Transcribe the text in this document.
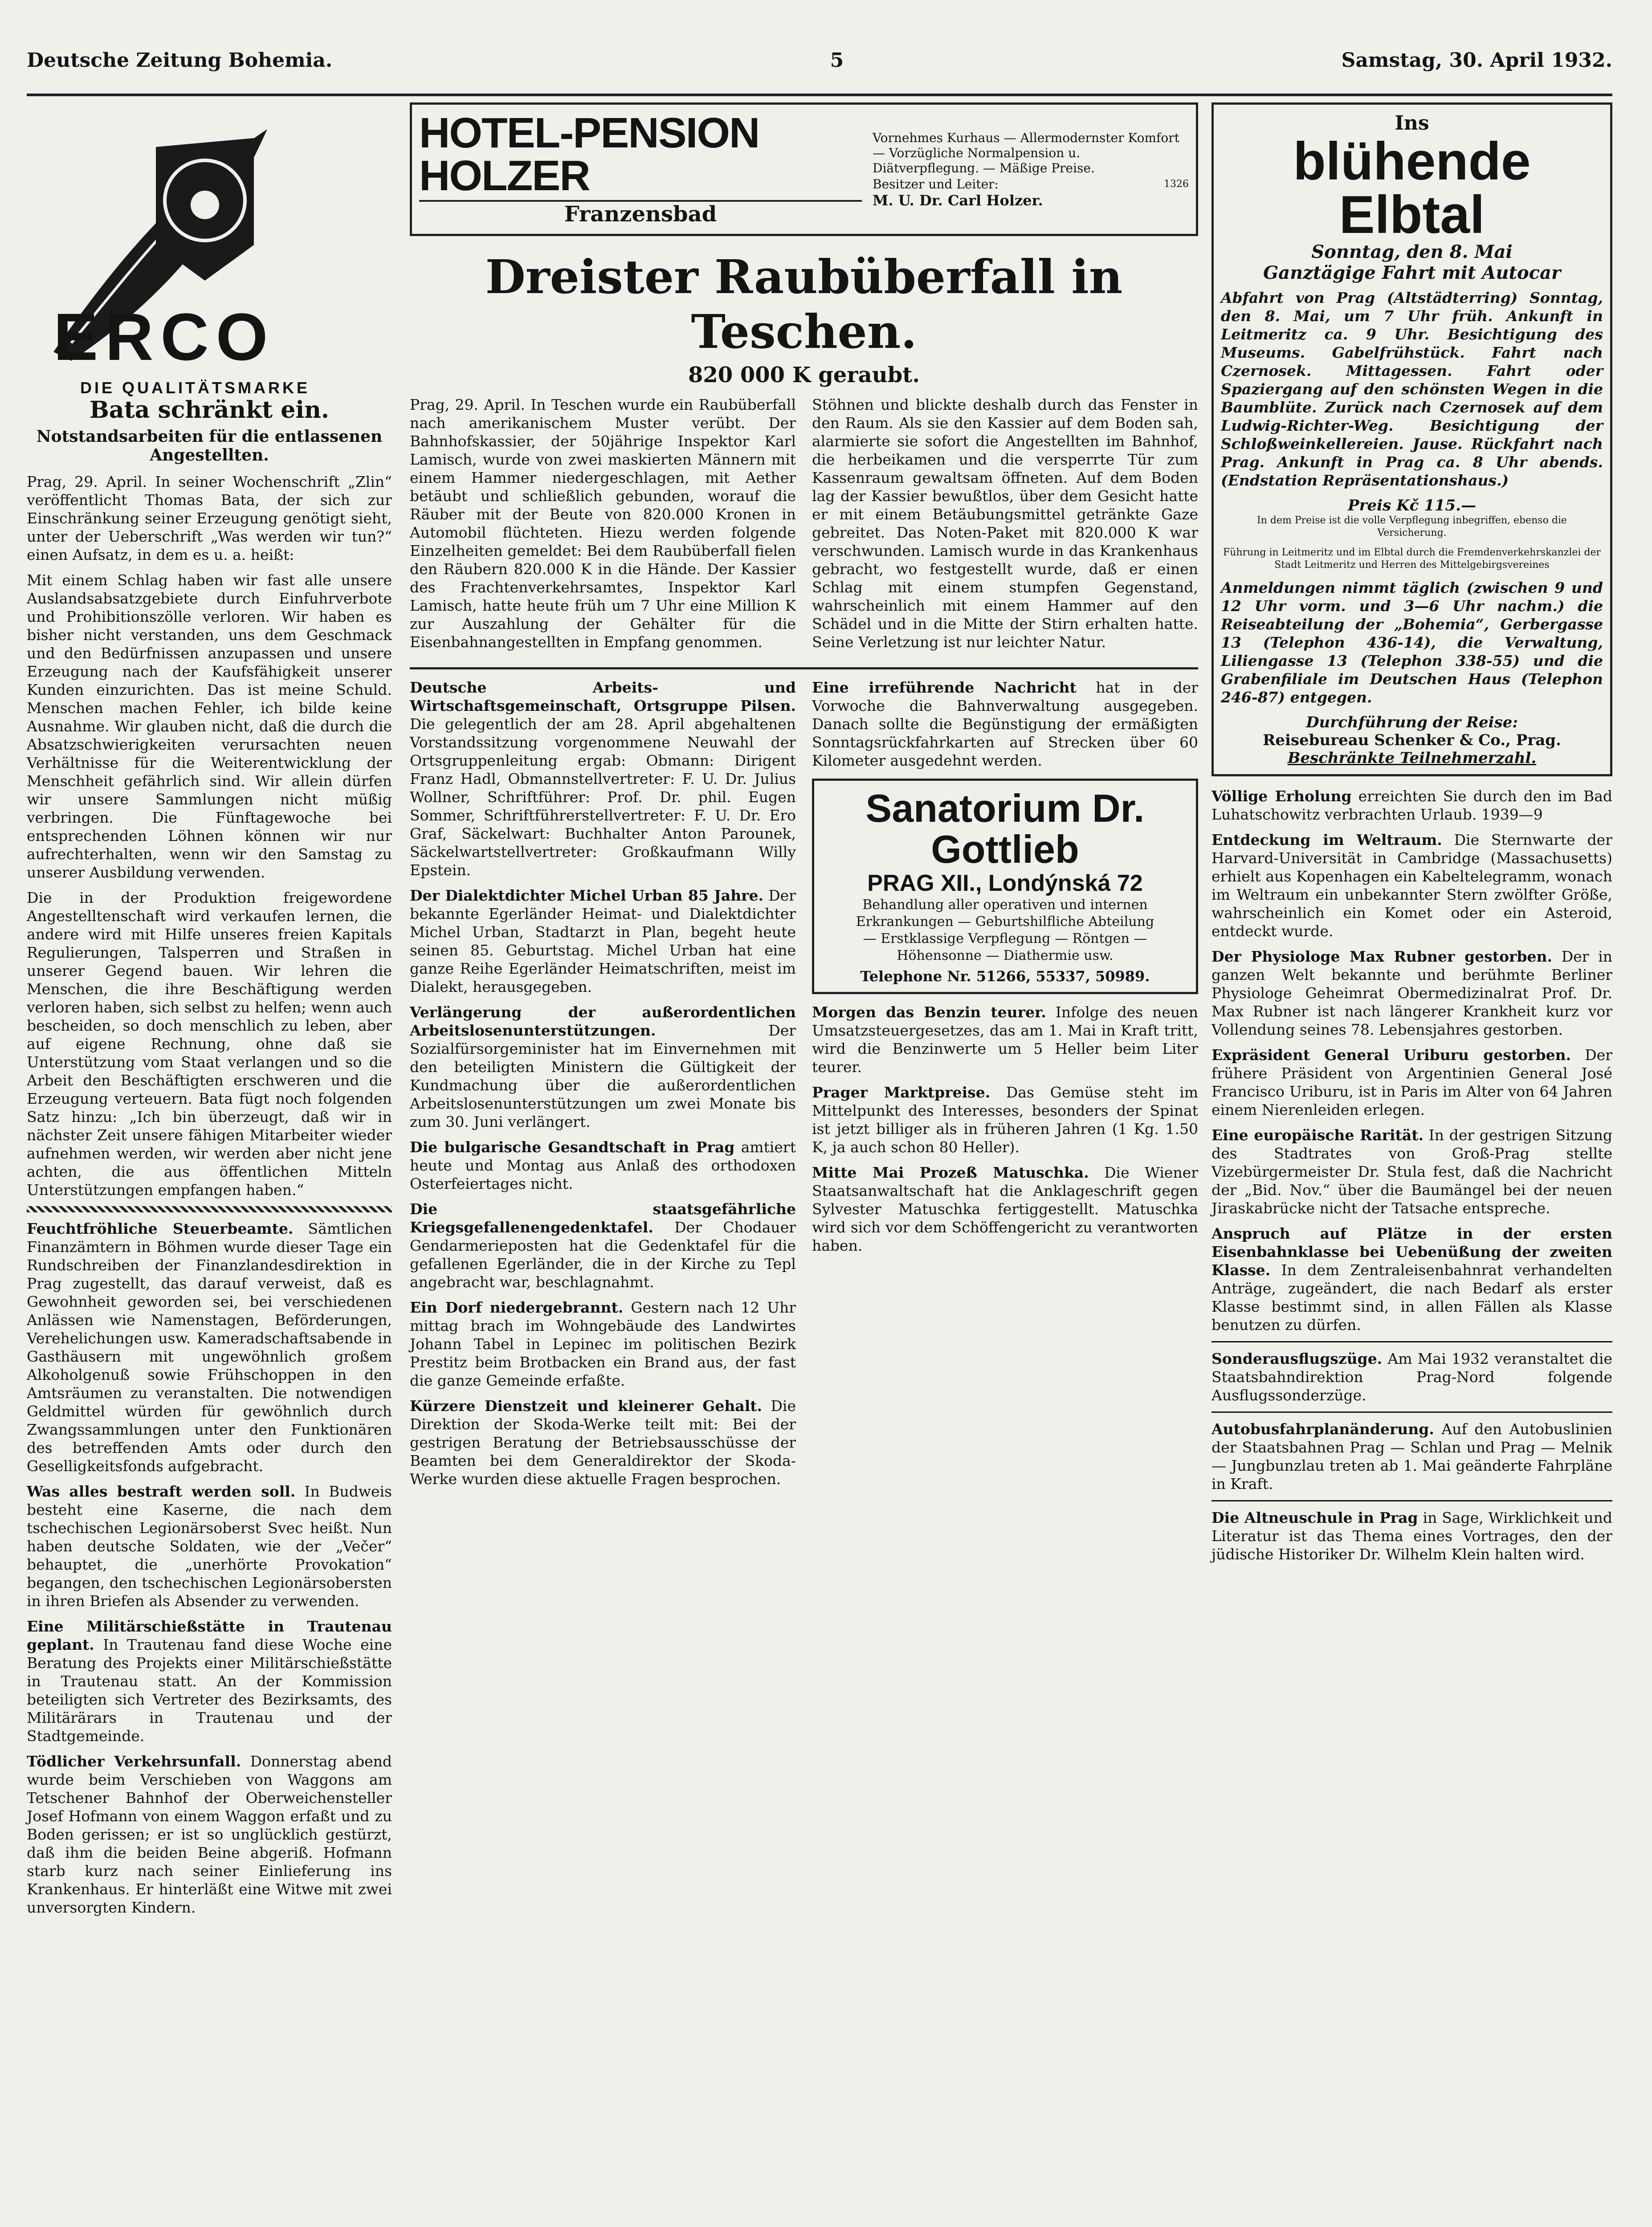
Deutsche Zeitung Bohemia.	5	Samstag, 30. April 1932.
ERCO
DIE QUALITÄTSMARKE
Bata schränkt ein.
Notstandsarbeiten für die entlassenen Angestellten.

Prag, 29. April. In seiner Wochenschrift „Zlin“ veröffentlicht Thomas Bata, der sich zur Einschränkung seiner Erzeugung genötigt sieht, unter der Ueberschrift „Was werden wir tun?“ einen Aufsatz, in dem es u. a. heißt:

Mit einem Schlag haben wir fast alle unsere Auslandsabsatzgebiete durch Einfuhrverbote und Prohibitionszölle verloren. Wir haben es bisher nicht verstanden, uns dem Geschmack und den Bedürfnissen anzupassen und unsere Erzeugung nach der Kaufsfähigkeit unserer Kunden einzurichten. Das ist meine Schuld. Menschen machen Fehler, ich bilde keine Ausnahme. Wir glauben nicht, daß die durch die Absatzschwierigkeiten verursachten neuen Verhältnisse für die Weiterentwicklung der Menschheit gefährlich sind. Wir allein dürfen wir unsere Sammlungen nicht müßig verbringen. Die Fünftagewoche bei entsprechenden Löhnen können wir nur aufrechterhalten, wenn wir den Samstag zu unserer Ausbildung verwenden.

Die in der Produktion freigewordene Angestelltenschaft wird verkaufen lernen, die andere wird mit Hilfe unseres freien Kapitals Regulierungen, Talsperren und Straßen in unserer Gegend bauen. Wir lehren die Menschen, die ihre Beschäftigung werden verloren haben, sich selbst zu helfen; wenn auch bescheiden, so doch menschlich zu leben, aber auf eigene Rechnung, ohne daß sie Unterstützung vom Staat verlangen und so die Arbeit den Beschäftigten erschweren und die Erzeugung verteuern. Bata fügt noch folgenden Satz hinzu: „Ich bin überzeugt, daß wir in nächster Zeit unsere fähigen Mitarbeiter wieder aufnehmen werden, wir werden aber nicht jene achten, die aus öffentlichen Mitteln Unterstützungen empfangen haben.“

Feuchtfröhliche Steuerbeamte. Sämtlichen Finanzämtern in Böhmen wurde dieser Tage ein Rundschreiben der Finanzlandesdirektion in Prag zugestellt, das darauf verweist, daß es Gewohnheit geworden sei, bei verschiedenen Anlässen wie Namenstagen, Beförderungen, Verehelichungen usw. Kameradschaftsabende in Gasthäusern mit ungewöhnlich großem Alkoholgenuß sowie Frühschoppen in den Amtsräumen zu veranstalten. Die notwendigen Geldmittel würden für gewöhnlich durch Zwangssammlungen unter den Funktionären des betreffenden Amts oder durch den Geselligkeitsfonds aufgebracht.

Was alles bestraft werden soll. In Budweis besteht eine Kaserne, die nach dem tschechischen Legionärsoberst Svec heißt. Nun haben deutsche Soldaten, wie der „Večer“ behauptet, die „unerhörte Provokation“ begangen, den tschechischen Legionärsobersten in ihren Briefen als Absender zu verwenden.

Eine Militärschießstätte in Trautenau geplant. In Trautenau fand diese Woche eine Beratung des Projekts einer Militärschießstätte in Trautenau statt. An der Kommission beteiligten sich Vertreter des Bezirksamts, des Militärärars in Trautenau und der Stadtgemeinde.

Tödlicher Verkehrsunfall. Donnerstag abend wurde beim Verschieben von Waggons am Tetschener Bahnhof der Oberweichensteller Josef Hofmann von einem Waggon erfaßt und zu Boden gerissen; er ist so unglücklich gestürzt, daß ihm die beiden Beine abgeriß. Hofmann starb kurz nach seiner Einlieferung ins Krankenhaus. Er hinterläßt eine Witwe mit zwei unversorgten Kindern.

HOTEL-PENSION HOLZER
Franzensbad
Vornehmes Kurhaus — Allermodernster Komfort — Vorzügliche Normalpension u. Diätverpflegung. — Mäßige Preise.
Besitzer und Leiter:	1326
M. U. Dr. Carl Holzer.
Dreister Raubüberfall in Teschen.
820 000 K geraubt.

Prag, 29. April. In Teschen wurde ein Raubüberfall nach amerikanischem Muster verübt. Der Bahnhofskassier, der 50jährige Inspektor Karl Lamisch, wurde von zwei maskierten Männern mit einem Hammer niedergeschlagen, mit Aether betäubt und schließlich gebunden, worauf die Räuber mit der Beute von 820.000 Kronen in Automobil flüchteten. Hiezu werden folgende Einzelheiten gemeldet: Bei dem Raubüberfall fielen den Räubern 820.000 K in die Hände. Der Kassier des Frachtenverkehrsamtes, Inspektor Karl Lamisch, hatte heute früh um 7 Uhr eine Million K zur Auszahlung der Gehälter für die Eisenbahnangestellten in Empfang genommen.

Stöhnen und blickte deshalb durch das Fenster in den Raum. Als sie den Kassier auf dem Boden sah, alarmierte sie sofort die Angestellten im Bahnhof, die herbeikamen und die versperrte Tür zum Kassenraum gewaltsam öffneten. Auf dem Boden lag der Kassier bewußtlos, über dem Gesicht hatte er mit einem Betäubungsmittel getränkte Gaze gebreitet. Das Noten-Paket mit 820.000 K war verschwunden. Lamisch wurde in das Krankenhaus gebracht, wo festgestellt wurde, daß er einen Schlag mit einem stumpfen Gegenstand, wahrscheinlich mit einem Hammer auf den Schädel und in die Mitte der Stirn erhalten hatte. Seine Verletzung ist nur leichter Natur.

Deutsche Arbeits- und Wirtschaftsgemeinschaft, Ortsgruppe Pilsen. Die gelegentlich der am 28. April abgehaltenen Vorstandssitzung vorgenommene Neuwahl der Ortsgruppenleitung ergab: Obmann: Dirigent Franz Hadl, Obmannstellvertreter: F. U. Dr. Julius Wollner, Schriftführer: Prof. Dr. phil. Eugen Sommer, Schriftführerstellvertreter: F. U. Dr. Ero Graf, Säckelwart: Buchhalter Anton Parounek, Säckelwartstellvertreter: Großkaufmann Willy Epstein.

Der Dialektdichter Michel Urban 85 Jahre. Der bekannte Egerländer Heimat- und Dialektdichter Michel Urban, Stadtarzt in Plan, begeht heute seinen 85. Geburtstag. Michel Urban hat eine ganze Reihe Egerländer Heimatschriften, meist im Dialekt, herausgegeben.

Verlängerung der außerordentlichen Arbeitslosenunterstützungen.	Der Sozialfürsorgeminister hat im Einvernehmen mit den beteiligten Ministern die Gültigkeit der Kundmachung über die außerordentlichen Arbeitslosenunterstützungen um zwei Monate bis zum 30. Juni verlängert.

Die bulgarische Gesandtschaft in Prag amtiert heute und Montag aus Anlaß des orthodoxen Osterfeiertages nicht.

Die staatsgefährliche Kriegsgefallenengedenktafel. Der Chodauer Gendarmerieposten hat die Gedenktafel für die gefallenen Egerländer, die in der Kirche zu Tepl angebracht war, beschlagnahmt.

Ein Dorf niedergebrannt. Gestern nach 12 Uhr mittag brach im Wohngebäude des Landwirtes Johann Tabel in Lepinec im politischen Bezirk Prestitz beim Brotbacken ein Brand aus, der fast die ganze Gemeinde erfaßte.

Kürzere Dienstzeit und kleinerer Gehalt. Die Direktion der Skoda-Werke teilt mit: Bei der gestrigen Beratung der Betriebsausschüsse der Beamten bei dem Generaldirektor der Skoda-Werke wurden diese aktuelle Fragen besprochen.

Eine irreführende Nachricht hat in der Vorwoche die Bahnverwaltung ausgegeben. Danach sollte die Begünstigung der ermäßigten Sonntagsrückfahrkarten auf Strecken über 60 Kilometer ausgedehnt werden.

Sanatorium Dr. Gottlieb
PRAG XII., Londýnská 72
Behandlung aller operativen und internen Erkrankungen — Geburtshilfliche Abteilung
— Erstklassige Verpflegung — Röntgen —
Höhensonne — Diathermie usw.
Telephone Nr. 51266, 55337, 50989.

Morgen das Benzin teurer. Infolge des neuen Umsatzsteuergesetzes, das am 1. Mai in Kraft tritt, wird die Benzinwerte um 5 Heller beim Liter teurer.

Prager Marktpreise. Das Gemüse steht im Mittelpunkt des Interesses, besonders der Spinat ist jetzt billiger als in früheren Jahren (1 Kg. 1.50 K, ja auch schon 80 Heller).

Mitte Mai Prozeß Matuschka. Die Wiener Staatsanwaltschaft hat die Anklageschrift gegen Sylvester Matuschka fertiggestellt. Matuschka wird sich vor dem Schöffengericht zu verantworten haben.

Ins
blühende Elbtal
Sonntag, den 8. Mai
Ganztägige Fahrt mit Autocar

Abfahrt von Prag (Altstädterring) Sonntag, den 8. Mai, um 7 Uhr früh. Ankunft in Leitmeritz ca. 9 Uhr. Besichtigung des Museums. Gabelfrühstück. Fahrt nach Czernosek. Mittagessen. Fahrt oder Spaziergang auf den schönsten Wegen in die Baumblüte. Zurück nach Czernosek auf dem Ludwig-Richter-Weg. Besichtigung der Schloßweinkellereien. Jause. Rückfahrt nach Prag. Ankunft in Prag ca. 8 Uhr abends. (Endstation Repräsentationshaus.)

Preis Kč 115.—

In dem Preise ist die volle Verpflegung inbegriffen, ebenso die Versicherung.

Führung in Leitmeritz und im Elbtal durch die Fremdenverkehrskanzlei der Stadt Leitmeritz und Herren des Mittelgebirgsvereines

Anmeldungen nimmt täglich (zwischen 9 und 12 Uhr vorm. und 3—6 Uhr nachm.) die Reiseabteilung der „Bohemia“, Gerbergasse 13 (Telephon 436-14), die Verwaltung, Liliengasse 13 (Telephon 338-55) und die Grabenfiliale im Deutschen Haus (Telephon 246-87) entgegen.

Durchführung der Reise:
Reisebureau Schenker & Co., Prag.
Beschränkte Teilnehmerzahl.

Völlige Erholung erreichten Sie durch den im Bad Luhatschowitz verbrachten Urlaub. 1939—9

Entdeckung im Weltraum. Die Sternwarte der Harvard-Universität in Cambridge (Massachusetts) erhielt aus Kopenhagen ein Kabeltelegramm, wonach im Weltraum ein unbekannter Stern zwölfter Größe, wahrscheinlich ein Komet oder ein Asteroid, entdeckt wurde.

Der Physiologe Max Rubner gestorben. Der in ganzen Welt bekannte und berühmte Berliner Physiologe Geheimrat Obermedizinalrat Prof. Dr. Max Rubner ist nach längerer Krankheit kurz vor Vollendung seines 78. Lebensjahres gestorben.

Expräsident General Uriburu gestorben. Der frühere Präsident von Argentinien General José Francisco Uriburu, ist in Paris im Alter von 64 Jahren einem Nierenleiden erlegen.

Eine europäische Rarität. In der gestrigen Sitzung des Stadtrates von Groß-Prag stellte Vizebürgermeister Dr. Stula fest, daß die Nachricht der „Bid. Nov.“ über die Baumängel bei der neuen Jiraskabrücke nicht der Tatsache entspreche.

Anspruch auf Plätze in der ersten Eisenbahnklasse bei Uebenüßung der zweiten Klasse. In dem Zentraleisenbahnrat verhandelten Anträge, zugeändert, die nach Bedarf als erster Klasse bestimmt sind, in allen Fällen als Klasse benutzen zu dürfen.

Sonderausflugszüge. Am Mai 1932 veranstaltet die Staatsbahndirektion Prag-Nord folgende Ausflugssonderzüge.

Autobusfahrplanänderung. Auf den Autobuslinien der Staatsbahnen Prag — Schlan und Prag — Melnik — Jungbunzlau treten ab 1. Mai geänderte Fahrpläne in Kraft.

Die Altneuschule in Prag in Sage, Wirklichkeit und Literatur ist das Thema eines Vortrages, den der jüdische Historiker Dr. Wilhelm Klein halten wird.
